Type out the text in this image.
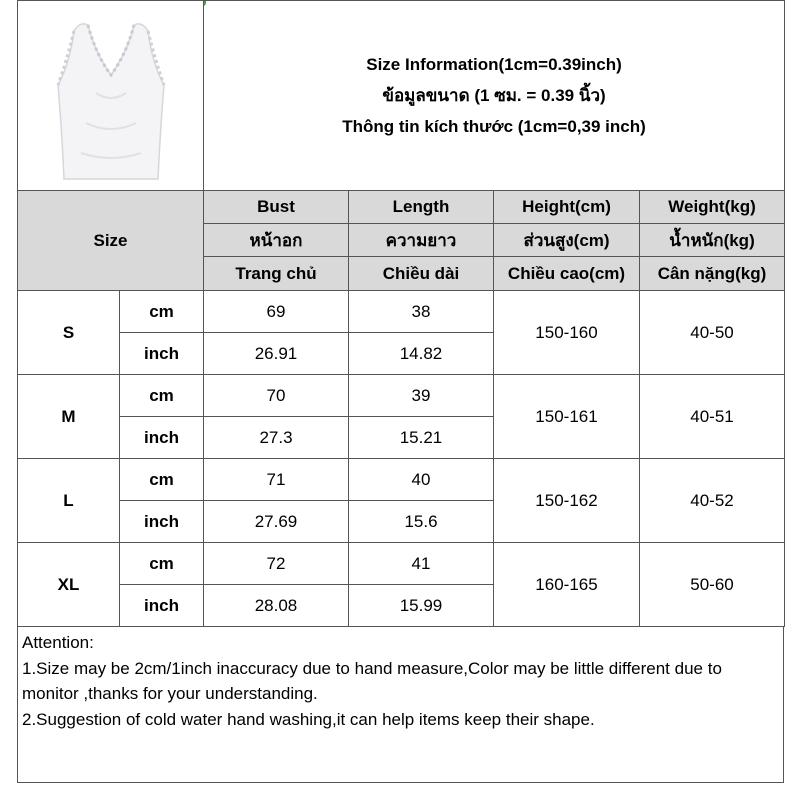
Size Information(1cm=0.39inch)
ข้อมูลขนาด (1 ซม. = 0.39 นิ้ว)
Thông tin kích thước (1cm=0,39 inch)			

Size		Bust	Length	Height(cm)	Weight(kg)
		หน้าอก	ความยาว	ส่วนสูง(cm)	น้ำหนัก(kg)
		Trang chủ	Chiều dài	Chiều cao(cm)	Cân nặng(kg)
S	cm	69	38	150-160	40-50
	inch	26.91	14.82		
M	cm	70	39	150-161	40-51
	inch	27.3	15.21		
L	cm	71	40	150-162	40-52
	inch	27.69	15.6		
XL	cm	72	41	160-165	50-60
	inch	28.08	15.99		
Attention:
1.Size may be 2cm/1inch inaccuracy due to hand measure,Color may be little different due to monitor ,thanks for your understanding.
2.Suggestion of cold water hand washing,it can help items keep their shape.
